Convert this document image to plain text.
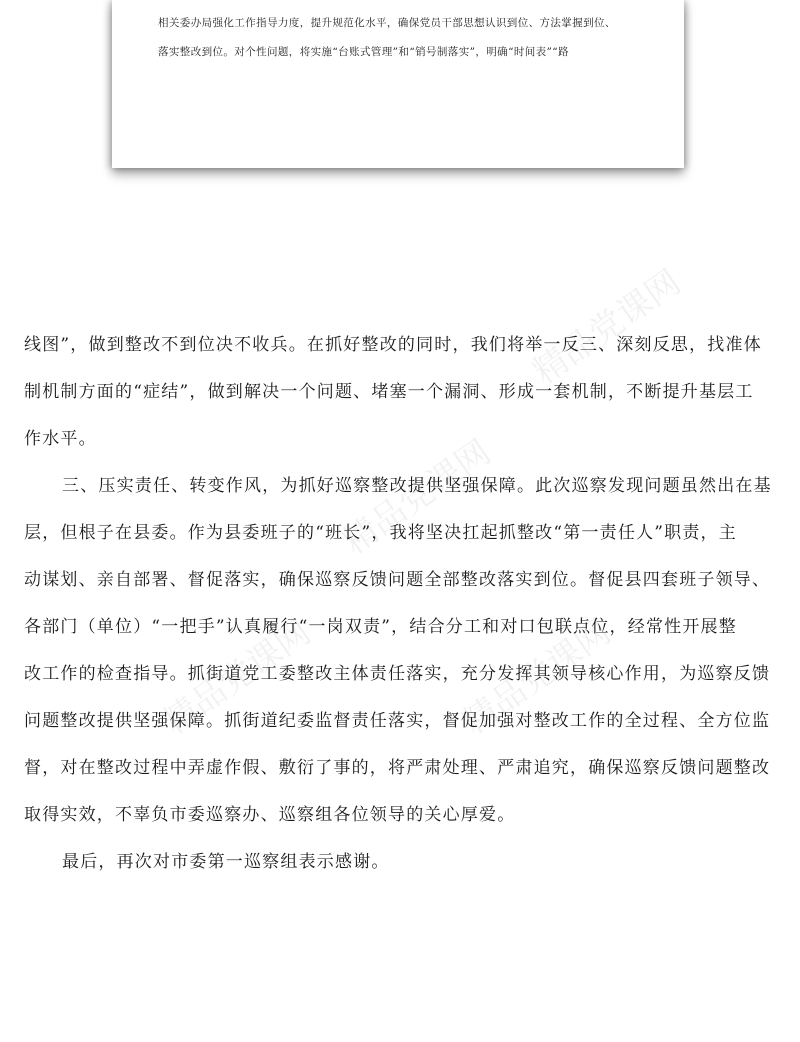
相关委办局强化工作指导力度，提升规范化水平，确保党员干部思想认识到位、方法掌握到位、
落实整改到位。对个性问题，将实施“台账式管理”和“销号制落实”，明确“时间表”“路
精品党课网
精品党课网
精品党课网	精品党课网
线图”，做到整改不到位决不收兵。在抓好整改的同时，我们将举一反三、深刻反思，找准体
制机制方面的“症结”，做到解决一个问题、堵塞一个漏洞、形成一套机制，不断提升基层工
作水平。
三、压实责任、转变作风，为抓好巡察整改提供坚强保障。此次巡察发现问题虽然出在基
层，但根子在县委。作为县委班子的“班长”，我将坚决扛起抓整改“第一责任人”职责，主
动谋划、亲自部署、督促落实，确保巡察反馈问题全部整改落实到位。督促县四套班子领导、
各部门（单位）“一把手”认真履行“一岗双责”，结合分工和对口包联点位，经常性开展整
改工作的检查指导。抓街道党工委整改主体责任落实，充分发挥其领导核心作用，为巡察反馈
问题整改提供坚强保障。抓街道纪委监督责任落实，督促加强对整改工作的全过程、全方位监
督，对在整改过程中弄虚作假、敷衍了事的，将严肃处理、严肃追究，确保巡察反馈问题整改
取得实效，不辜负市委巡察办、巡察组各位领导的关心厚爱。
最后，再次对市委第一巡察组表示感谢。
